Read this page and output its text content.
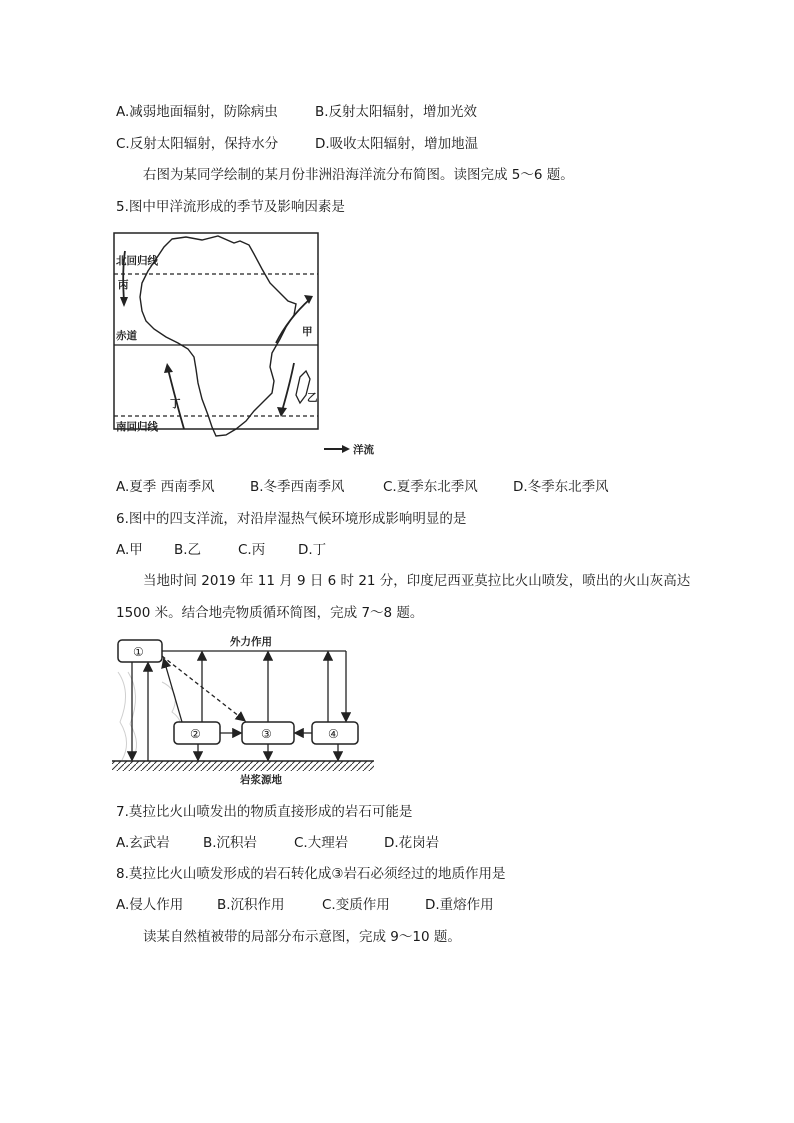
A.减弱地面辐射，防除病虫	B.反射太阳辐射，增加光效
C.反射太阳辐射，保持水分	D.吸收太阳辐射，增加地温
右图为某同学绘制的某月份非洲沿海洋流分布简图。读图完成 5～6 题。
5.图中甲洋流形成的季节及影响因素是
北回归线
赤道
南回归线
丙
甲
丁	乙
洋流
A.夏季 西南季风	B.冬季西南季风	C.夏季东北季风	D.冬季东北季风
6.图中的四支洋流，对沿岸湿热气候环境形成影响明显的是
A.甲 B.乙	C.丙 D.丁
当地时间 2019 年 11 月 9 日 6 时 21 分，印度尼西亚莫拉比火山喷发，喷出的火山灰高达
1500 米。结合地壳物质循环简图，完成 7～8 题。
岩浆源地
①
外力作用
②	③	④
7.莫拉比火山喷发出的物质直接形成的岩石可能是
A.玄武岩 B.沉积岩	C.大理岩	D.花岗岩
8.莫拉比火山喷发形成的岩石转化成③岩石必须经过的地质作用是
A.侵人作用 B.沉积作用	C.变质作用	D.重熔作用
读某自然植被带的局部分布示意图，完成 9～10 题。
